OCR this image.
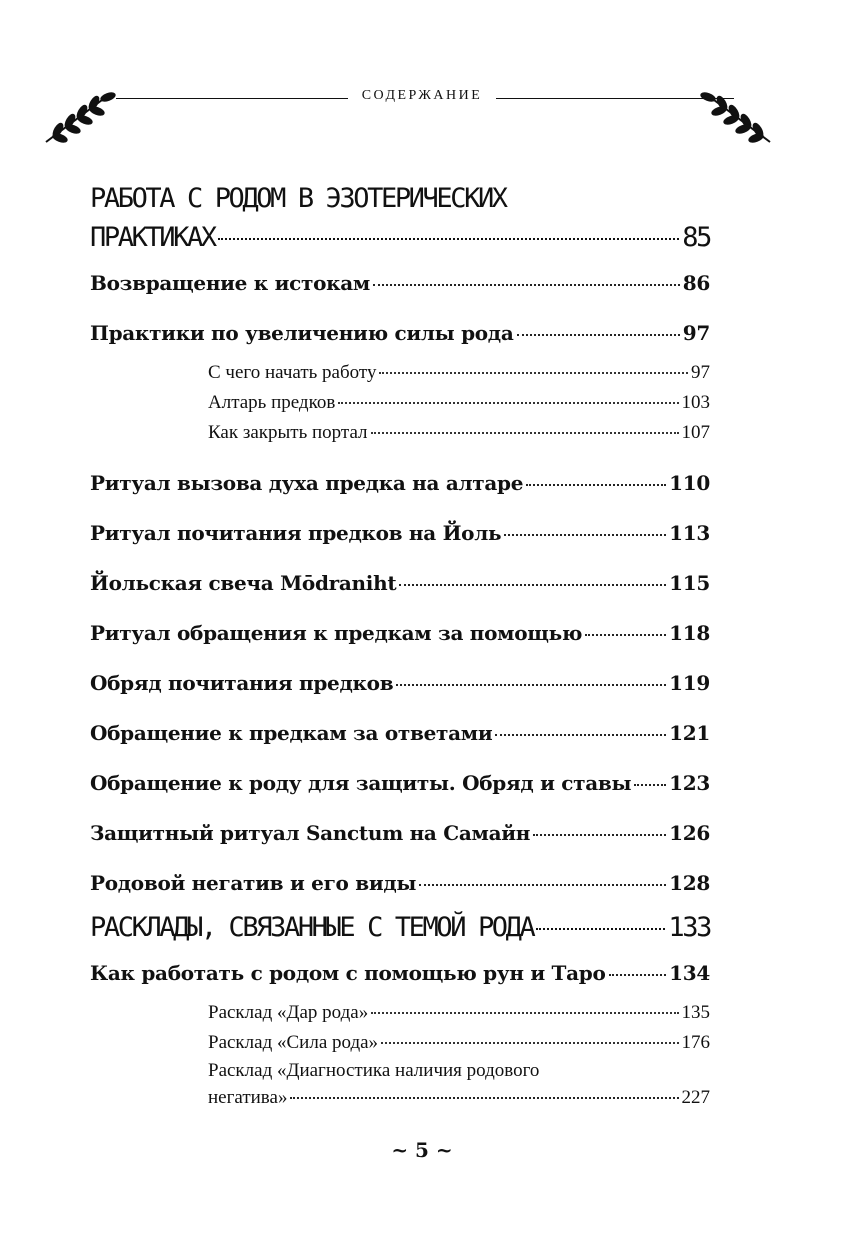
СОДЕРЖАНИЕ
РАБОТА С РОДОМ В ЭЗОТЕРИЧЕСКИХ
ПРАКТИКАХ	85
Возвращение к истокам	86
Практики по увеличению силы рода	97
С чего начать работу	97
Алтарь предков	103
Как закрыть портал	107
Ритуал вызова духа предка на алтаре	110
Ритуал почитания предков на Йоль	113
Йольская свеча Mōdraniht	115
Ритуал обращения к предкам за помощью	118
Обряд почитания предков	119
Обращение к предкам за ответами	121
Обращение к роду для защиты. Обряд и ставы 123
Защитный ритуал Sanctum на Самайн	126
Родовой негатив и его виды	128
РАСКЛАДЫ, СВЯЗАННЫЕ С ТЕМОЙ РОДА	133
Как работать с родом с помощью рун и Таро	134
Расклад «Дар рода»	135
Расклад «Сила рода»	176
Расклад «Диагностика наличия родового
негатива»	227
~ 5 ~
